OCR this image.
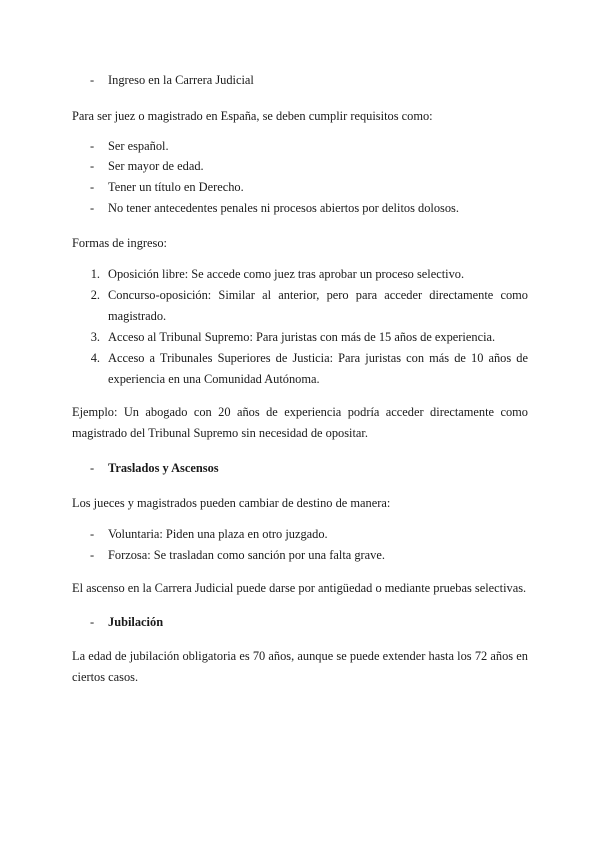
- Ingreso en la Carrera Judicial
Para ser juez o magistrado en España, se deben cumplir requisitos como:
- Ser español.
- Ser mayor de edad.
- Tener un título en Derecho.
- No tener antecedentes penales ni procesos abiertos por delitos dolosos.
Formas de ingreso:
1. Oposición libre: Se accede como juez tras aprobar un proceso selectivo.
2. Concurso-oposición: Similar al anterior, pero para acceder directamente como
magistrado.
3. Acceso al Tribunal Supremo: Para juristas con más de 15 años de experiencia.
4. Acceso a Tribunales Superiores de Justicia: Para juristas con más de 10 años de
experiencia en una Comunidad Autónoma.
Ejemplo: Un abogado con 20 años de experiencia podría acceder directamente como
magistrado del Tribunal Supremo sin necesidad de opositar.
- Traslados y Ascensos
Los jueces y magistrados pueden cambiar de destino de manera:
- Voluntaria: Piden una plaza en otro juzgado.
- Forzosa: Se trasladan como sanción por una falta grave.
El ascenso en la Carrera Judicial puede darse por antigüedad o mediante pruebas selectivas.
- Jubilación
La edad de jubilación obligatoria es 70 años, aunque se puede extender hasta los 72 años en
ciertos casos.
